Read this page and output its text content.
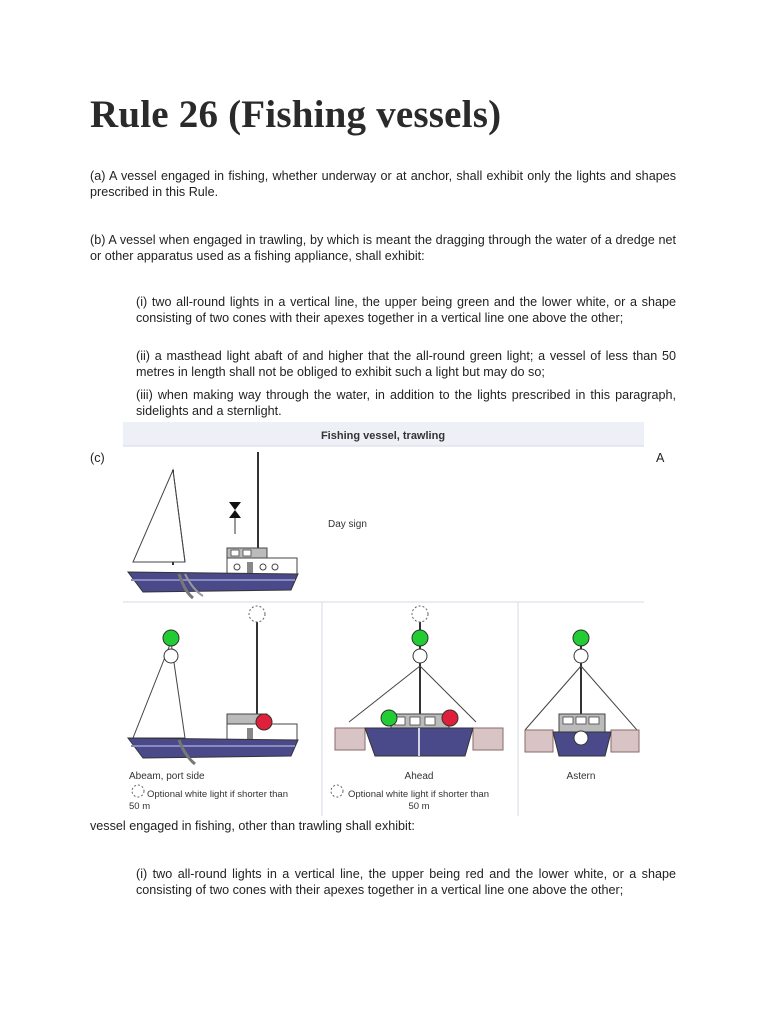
Rule 26 (Fishing vessels)

(a) A vessel engaged in fishing, whether underway or at anchor, shall exhibit only the lights and shapes prescribed in this Rule.

(b) A vessel when engaged in trawling, by which is meant the dragging through the water of a dredge net or other apparatus used as a fishing appliance, shall exhibit:

(i) two all-round lights in a vertical line, the upper being green and the lower white, or a shape consisting of two cones with their apexes together in a vertical line one above the other;

(ii) a masthead light abaft of and higher that the all-round green light; a vessel of less than 50 metres in length shall not be obliged to exhibit such a light but may do so;

(iii) when making way through the water, in addition to the lights prescribed in this paragraph, sidelights and a sternlight.

(c)	A
Fishing vessel, trawling
Day sign
Abeam, port side
Optional white light if shorter than
50 m
Ahead
Optional white light if shorter than
50 m
Astern

vessel engaged in fishing, other than trawling shall exhibit:

(i) two all-round lights in a vertical line, the upper being red and the lower white, or a shape consisting of two cones with their apexes together in a vertical line one above the other;
